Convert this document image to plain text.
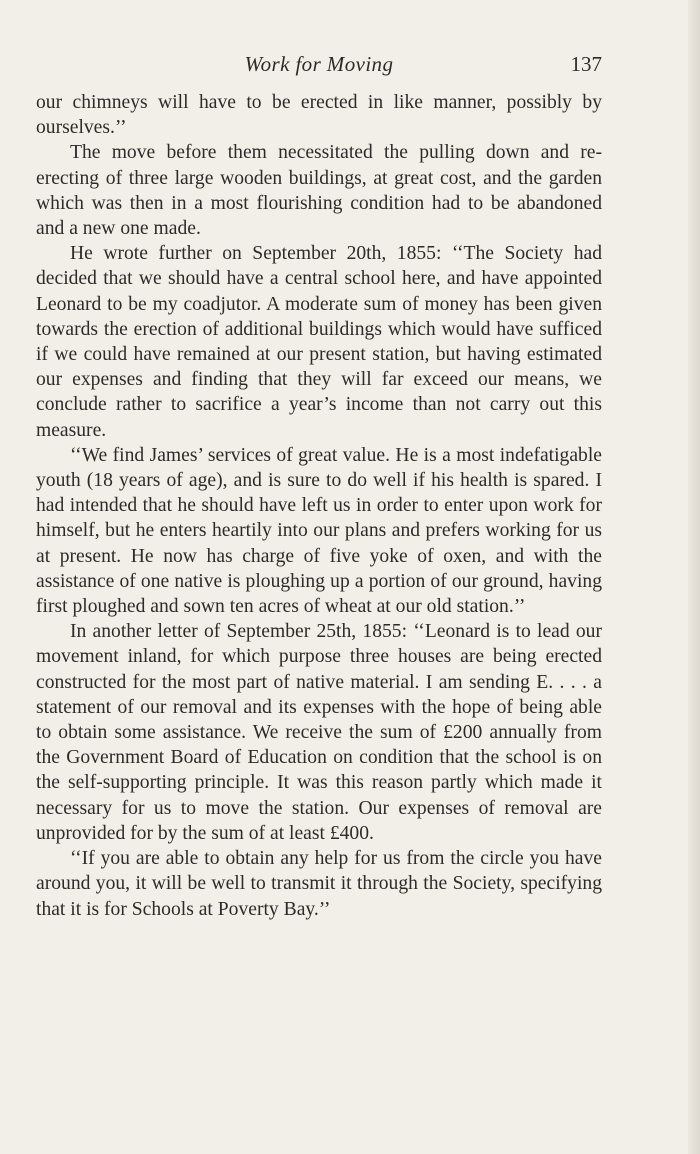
Work for Moving	137

our chimneys will have to be erected in like manner, possibly by ourselves.’’

The move before them necessitated the pulling down and re-erecting of three large wooden buildings, at great cost, and the garden which was then in a most flourishing condition had to be abandoned and a new one made.

He wrote further on September 20th, 1855: ‘‘The Society had decided that we should have a central school here, and have appointed Leonard to be my coadjutor. A moderate sum of money has been given towards the erection of additional buildings which would have sufficed if we could have remained at our present station, but having estimated our expenses and finding that they will far exceed our means, we conclude rather to sacrifice a year’s income than not carry out this measure.

‘‘We find James’ services of great value. He is a most indefatigable youth (18 years of age), and is sure to do well if his health is spared. I had intended that he should have left us in order to enter upon work for himself, but he enters heartily into our plans and prefers working for us at present. He now has charge of five yoke of oxen, and with the assistance of one native is ploughing up a portion of our ground, having first ploughed and sown ten acres of wheat at our old station.’’

In another letter of September 25th, 1855: ‘‘Leonard is to lead our movement inland, for which purpose three houses are being erected constructed for the most part of native material. I am sending E. . . . a statement of our removal and its expenses with the hope of being able to obtain some assistance. We receive the sum of £200 annually from the Government Board of Education on condition that the school is on the self-supporting principle. It was this reason partly which made it necessary for us to move the station. Our expenses of removal are unprovided for by the sum of at least £400.

‘‘If you are able to obtain any help for us from the circle you have around you, it will be well to transmit it through the Society, specifying that it is for Schools at Poverty Bay.’’
